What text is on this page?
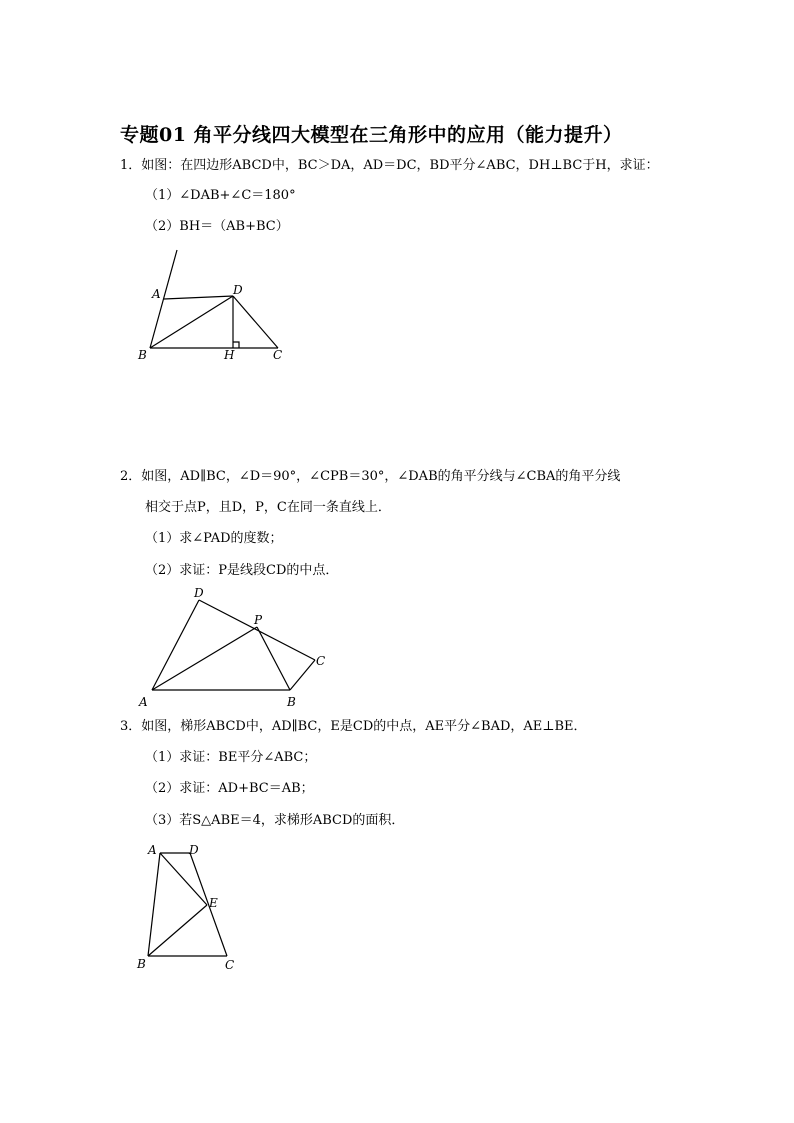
专题01 角平分线四大模型在三角形中的应用（能力提升）
1．如图：在四边形ABCD中，BC＞DA，AD＝DC，BD平分∠ABC，DH⊥BC于H，求证：
（1）∠DAB+∠C＝180°
（2）BH＝（AB+BC）
A	D
B	H	C
D
P
C
A	B
A	D
E
B	C
2．如图，AD∥BC，∠D＝90°，∠CPB＝30°，∠DAB的角平分线与∠CBA的角平分线
相交于点P，且D，P，C在同一条直线上．
（1）求∠PAD的度数；
（2）求证：P是线段CD的中点．
3．如图，梯形ABCD中，AD∥BC，E是CD的中点，AE平分∠BAD，AE⊥BE．
（1）求证：BE平分∠ABC；
（2）求证：AD+BC＝AB；
（3）若S△ABE＝4，求梯形ABCD的面积．
